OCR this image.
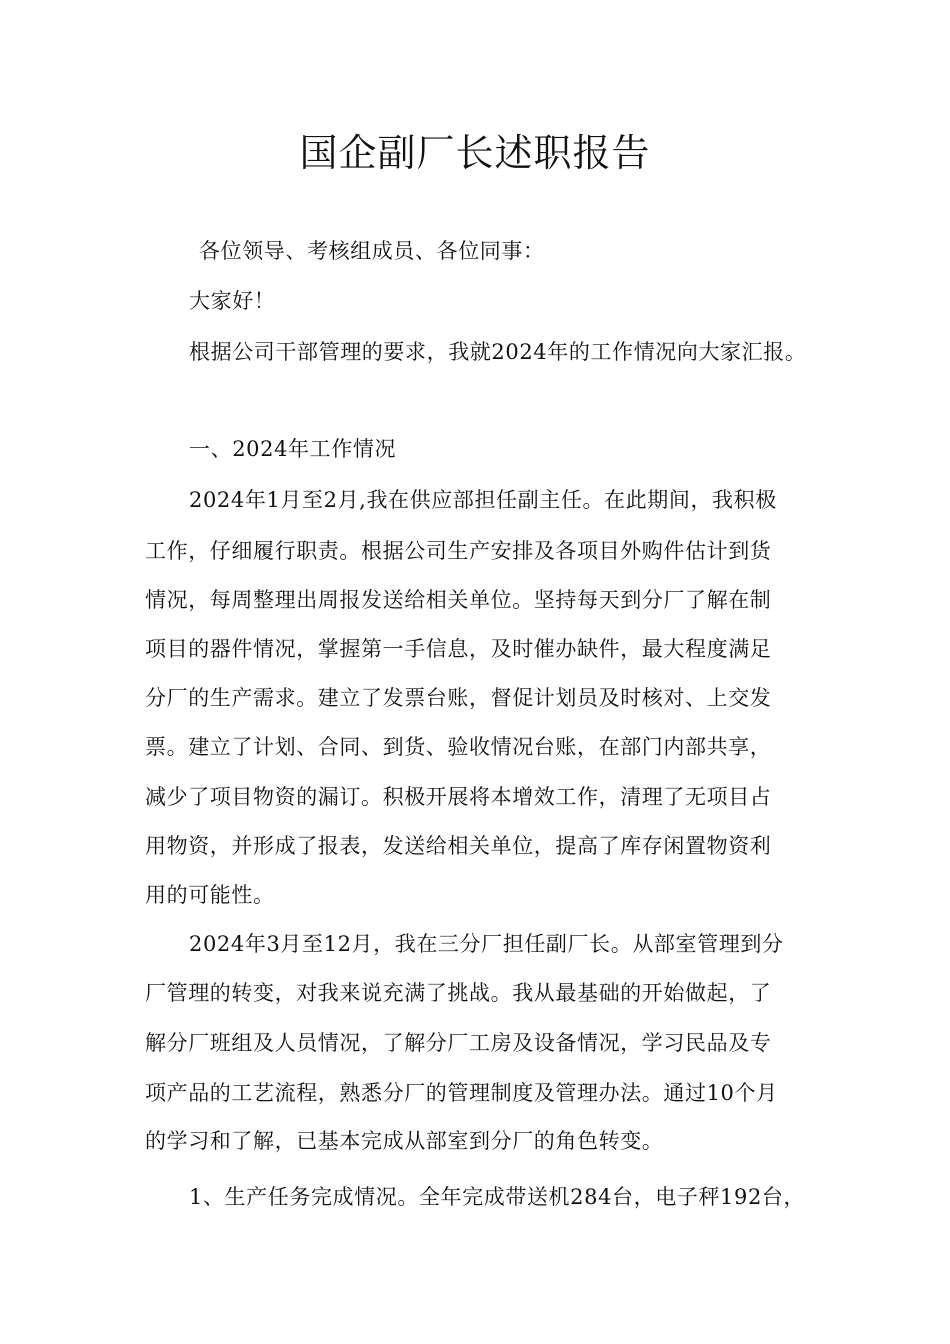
国企副厂长述职报告

各位领导、考核组成员、各位同事：

大家好！

根据公司干部管理的要求，我就2024年的工作情况向大家汇报。

一、2024年工作情况

2024年1月至2月,我在供应部担任副主任。在此期间，我积极

工作，仔细履行职责。根据公司生产安排及各项目外购件估计到货

情况，每周整理出周报发送给相关单位。坚持每天到分厂了解在制

项目的器件情况，掌握第一手信息，及时催办缺件，最大程度满足

分厂的生产需求。建立了发票台账，督促计划员及时核对、上交发

票。建立了计划、合同、到货、验收情况台账，在部门内部共享，

减少了项目物资的漏订。积极开展将本增效工作，清理了无项目占

用物资，并形成了报表，发送给相关单位，提高了库存闲置物资利

用的可能性。

2024年3月至12月，我在三分厂担任副厂长。从部室管理到分

厂管理的转变，对我来说充满了挑战。我从最基础的开始做起，了

解分厂班组及人员情况，了解分厂工房及设备情况，学习民品及专

项产品的工艺流程，熟悉分厂的管理制度及管理办法。通过10个月

的学习和了解，已基本完成从部室到分厂的角色转变。

1、生产任务完成情况。全年完成带送机284台，电子秤192台，
